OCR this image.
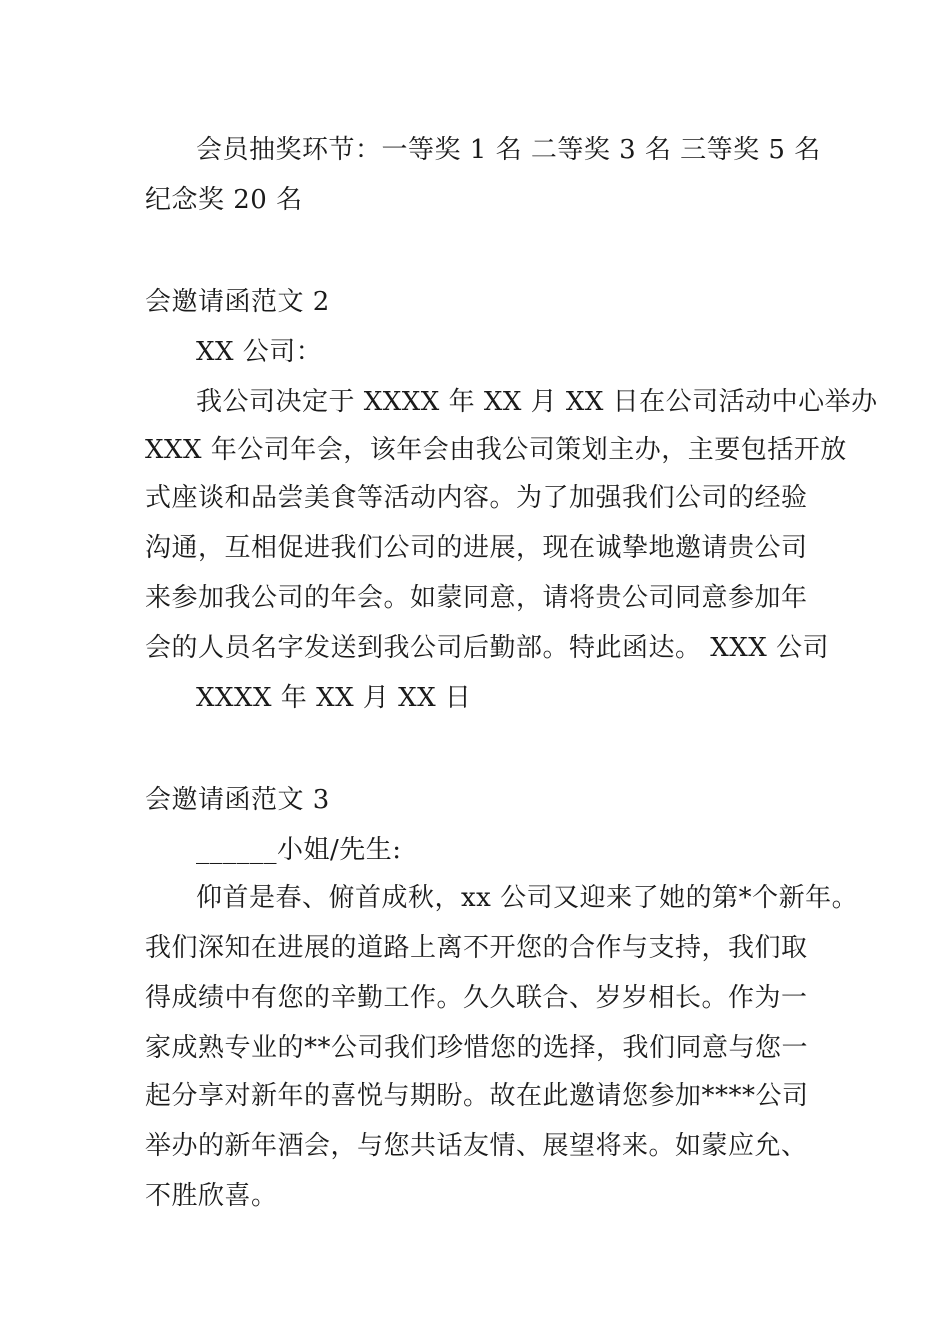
会员抽奖环节：一等奖 1 名 二等奖 3 名 三等奖 5 名
纪念奖 20 名
会邀请函范文 2
XX 公司：
我公司决定于 XXXX 年 XX 月 XX 日在公司活动中心举办
XXX 年公司年会，该年会由我公司策划主办，主要包括开放
式座谈和品尝美食等活动内容。为了加强我们公司的经验
沟通，互相促进我们公司的进展，现在诚挚地邀请贵公司
来参加我公司的年会。如蒙同意，请将贵公司同意参加年
会的人员名字发送到我公司后勤部。特此函达。 XXX 公司
XXXX 年 XX 月 XX 日
会邀请函范文 3
______小姐/先生:
仰首是春、俯首成秋，xx 公司又迎来了她的第*个新年。
我们深知在进展的道路上离不开您的合作与支持，我们取
得成绩中有您的辛勤工作。久久联合、岁岁相长。作为一
家成熟专业的**公司我们珍惜您的选择，我们同意与您一
起分享对新年的喜悦与期盼。故在此邀请您参加****公司
举办的新年酒会，与您共话友情、展望将来。如蒙应允、
不胜欣喜。
